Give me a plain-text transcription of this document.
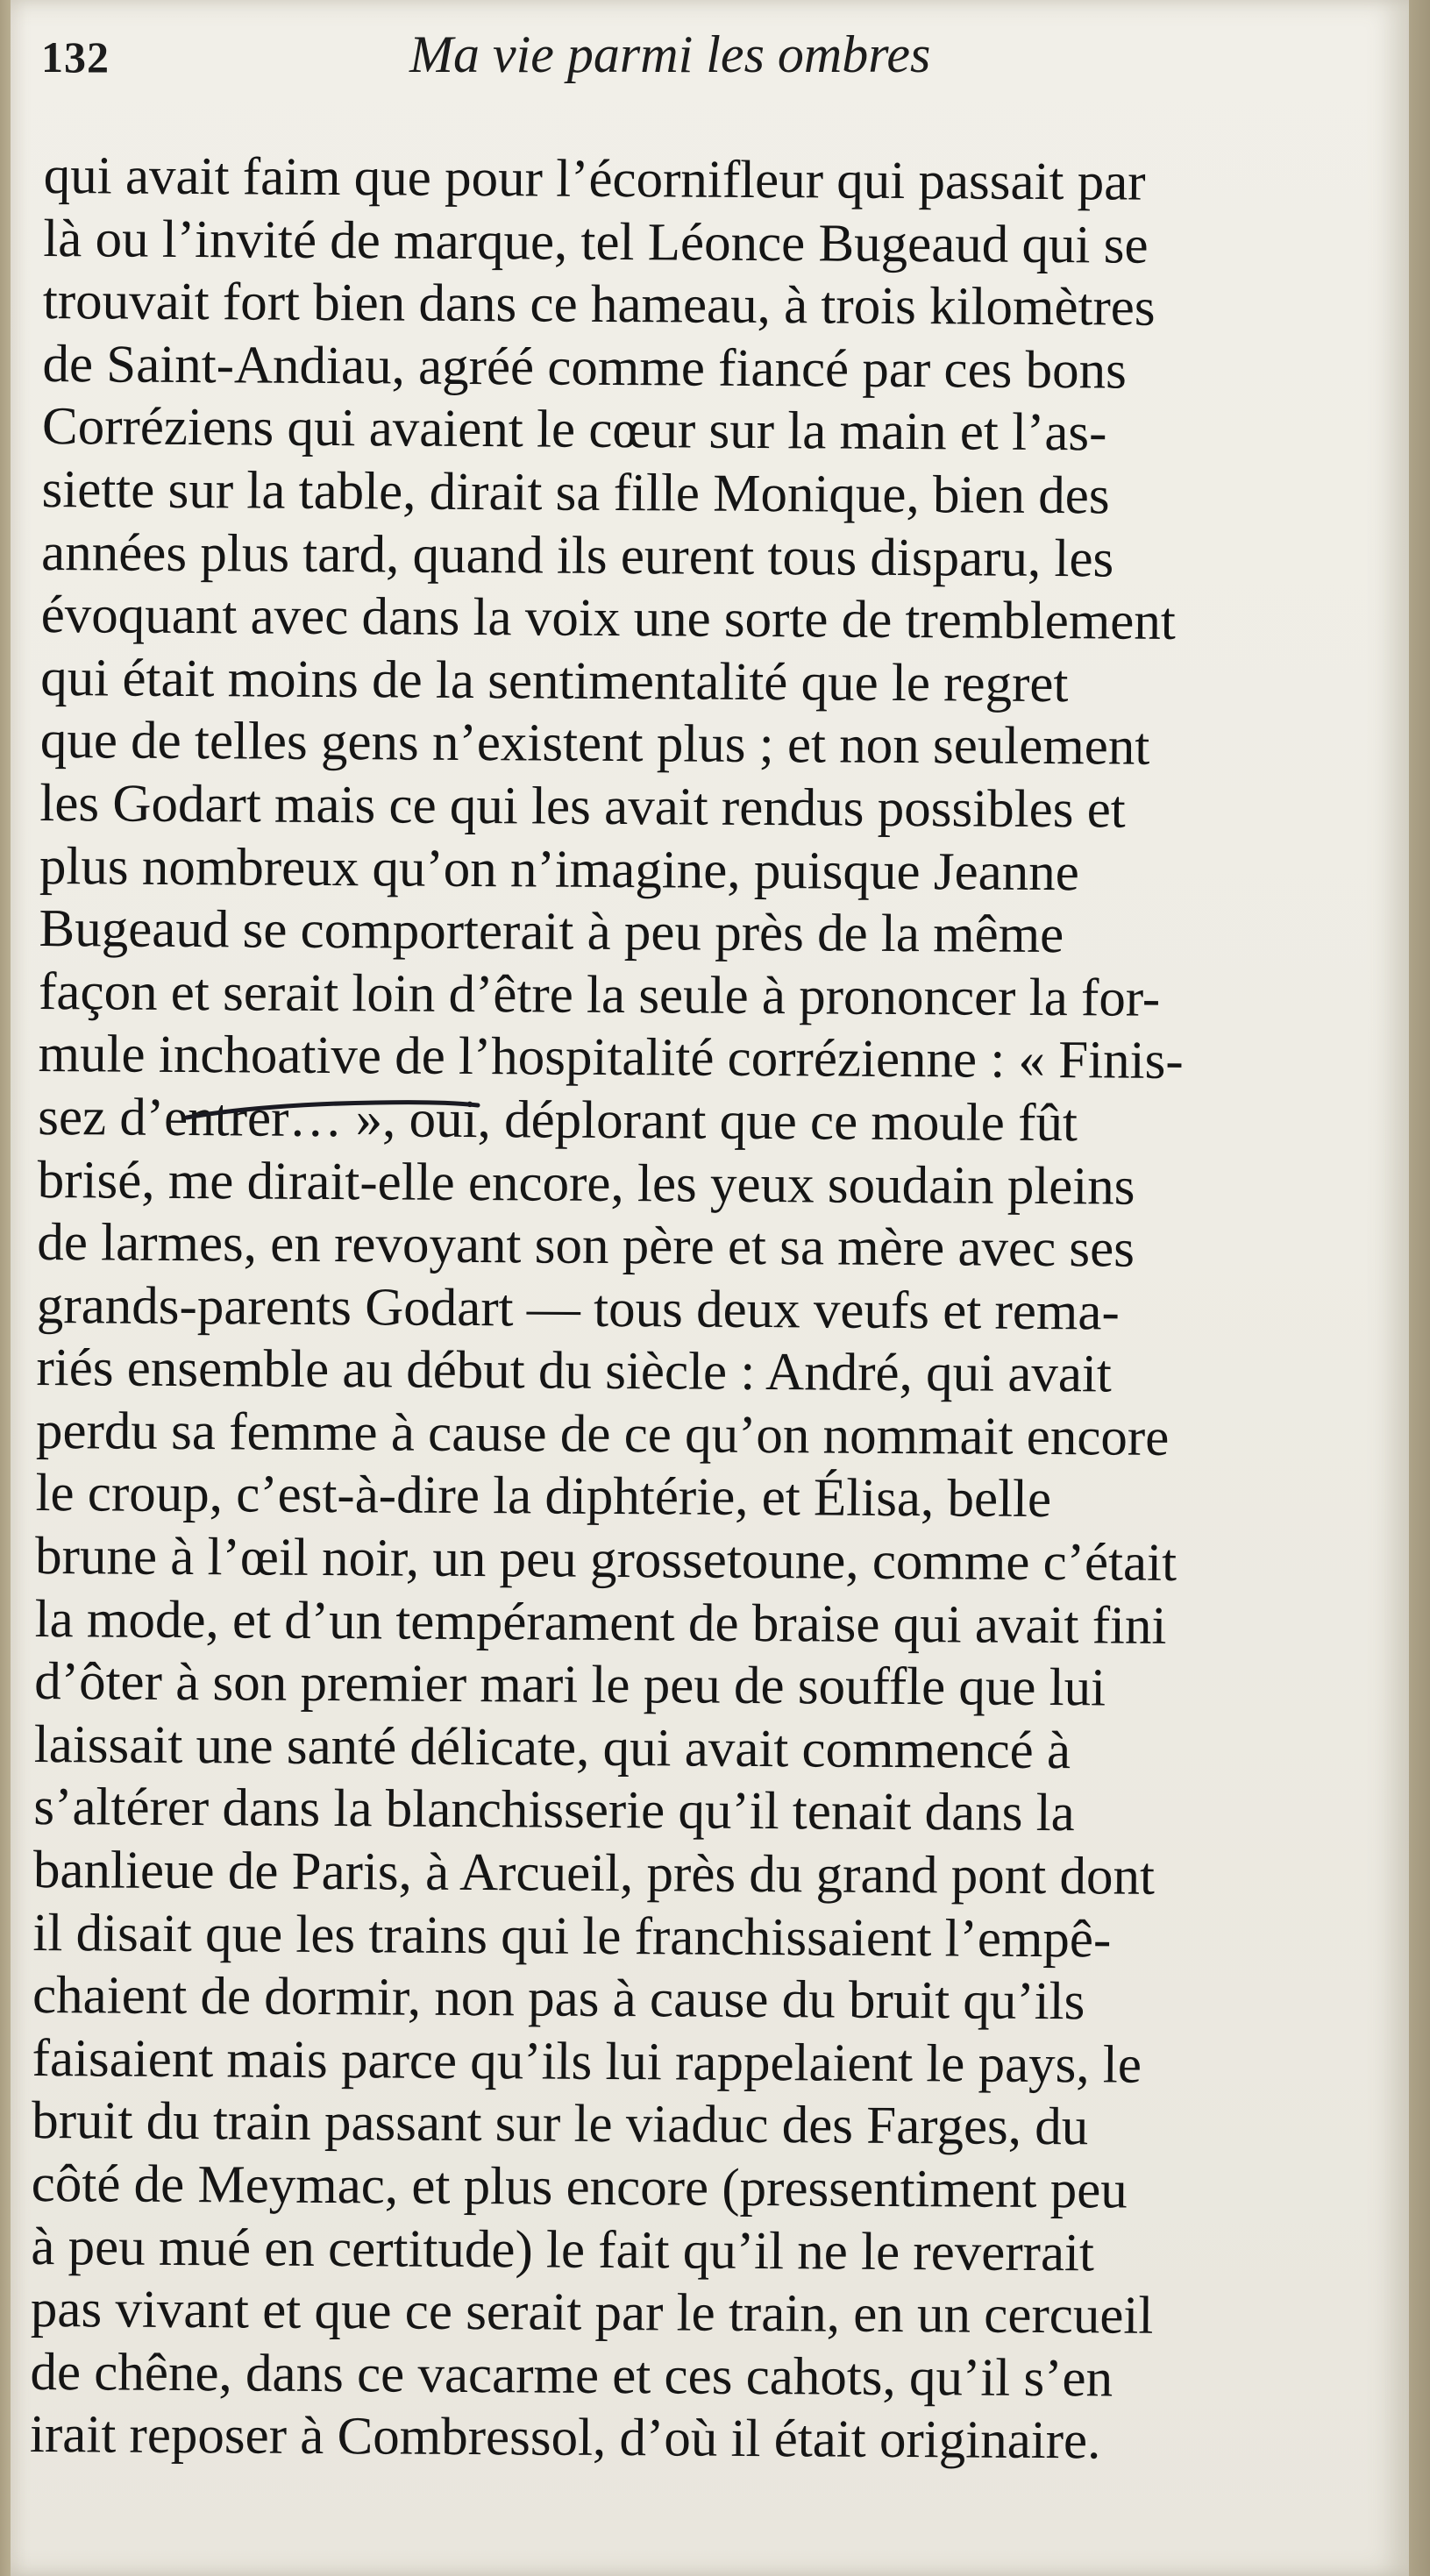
132	Ma vie parmi les ombres
qui avait faim que pour l’écornifleur qui passait par
là ou l’invité de marque, tel Léonce Bugeaud qui se
trouvait fort bien dans ce hameau, à trois kilomètres
de Saint-Andiau, agréé comme fiancé par ces bons
Corréziens qui avaient le cœur sur la main et l’as-
siette sur la table, dirait sa fille Monique, bien des
années plus tard, quand ils eurent tous disparu, les
évoquant avec dans la voix une sorte de tremblement
qui était moins de la sentimentalité que le regret
que de telles gens n’existent plus ; et non seulement
les Godart mais ce qui les avait rendus possibles et
plus nombreux qu’on n’imagine, puisque Jeanne
Bugeaud se comporterait à peu près de la même
façon et serait loin d’être la seule à prononcer la for-
mule inchoative de l’hospitalité corrézienne : « Finis-
sez d’entrer… », oui, déplorant que ce moule fût
brisé, me dirait-elle encore, les yeux soudain pleins
de larmes, en revoyant son père et sa mère avec ses
grands-parents Godart — tous deux veufs et rema-
riés ensemble au début du siècle : André, qui avait
perdu sa femme à cause de ce qu’on nommait encore
le croup, c’est-à-dire la diphtérie, et Élisa, belle
brune à l’œil noir, un peu grossetoune, comme c’était
la mode, et d’un tempérament de braise qui avait fini
d’ôter à son premier mari le peu de souffle que lui
laissait une santé délicate, qui avait commencé à
s’altérer dans la blanchisserie qu’il tenait dans la
banlieue de Paris, à Arcueil, près du grand pont dont
il disait que les trains qui le franchissaient l’empê-
chaient de dormir, non pas à cause du bruit qu’ils
faisaient mais parce qu’ils lui rappelaient le pays, le
bruit du train passant sur le viaduc des Farges, du
côté de Meymac, et plus encore (pressentiment peu
à peu mué en certitude) le fait qu’il ne le reverrait
pas vivant et que ce serait par le train, en un cercueil
de chêne, dans ce vacarme et ces cahots, qu’il s’en
irait reposer à Combressol, d’où il était originaire.
